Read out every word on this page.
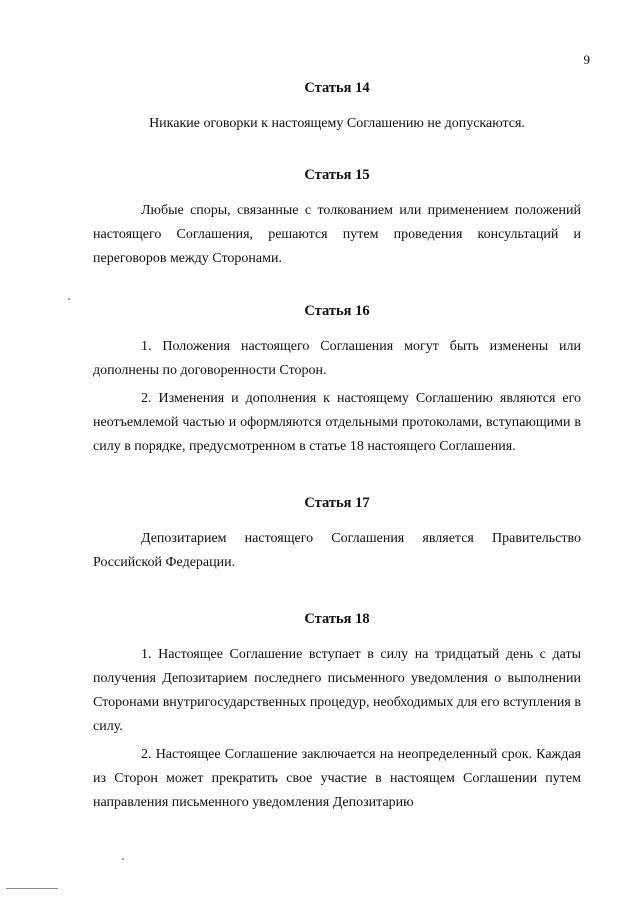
9
Статья 14

Никакие оговорки к настоящему Соглашению не допускаются.

Статья 15

Любые споры, связанные с толкованием или применением положений настоящего Соглашения, решаются путем проведения консультаций и переговоров между Сторонами.

Статья 16

1. Положения настоящего Соглашения могут быть изменены или дополнены по договоренности Сторон.

2. Изменения и дополнения к настоящему Соглашению являются его неотъемлемой частью и оформляются отдельными протоколами, вступающими в силу в порядке, предусмотренном в статье 18 настоящего Соглашения.

Статья 17

Депозитарием настоящего Соглашения является Правительство Российской Федерации.

Статья 18

1. Настоящее Соглашение вступает в силу на тридцатый день с даты получения Депозитарием последнего письменного уведомления о выполнении Сторонами внутригосударственных процедур, необходимых для его вступления в силу.

2. Настоящее Соглашение заключается на неопределенный срок. Каждая из Сторон может прекратить свое участие в настоящем Соглашении путем направления письменного уведомления Депозитарию
